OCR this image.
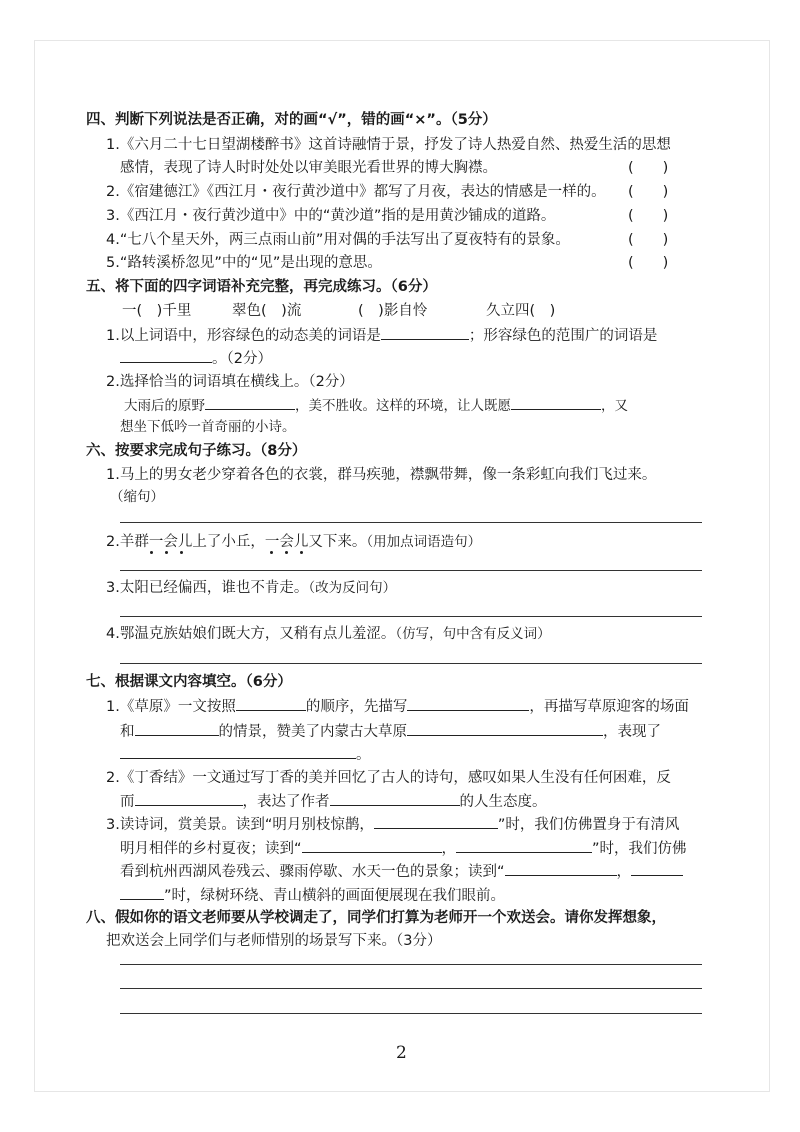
四、判断下列说法是否正确，对的画“√”，错的画“×”。（5分）
1.《六月二十七日望湖楼醉书》这首诗融情于景，抒发了诗人热爱自然、热爱生活的思想
感情，表现了诗人时时处处以审美眼光看世界的博大胸襟。	(　　)
2.《宿建德江》《西江月・夜行黄沙道中》都写了月夜，表达的情感是一样的。 (　　)
3.《西江月・夜行黄沙道中》中的“黄沙道”指的是用黄沙铺成的道路。	(　　)
4.“七八个星天外，两三点雨山前”用对偶的手法写出了夏夜特有的景象。	(　　)
5.“路转溪桥忽见”中的“见”是出现的意思。	(　　)
五、将下面的四字词语补充完整，再完成练习。（6分）
一(　)千里	翠色(　)流	(　)影自怜	久立四(　)
1.以上词语中，形容绿色的动态美的词语是	；形容绿色的范围广的词语是
。（2分）
2.选择恰当的词语填在横线上。（2分）
大雨后的原野	，美不胜收。这样的环境，让人既愿	，又
想坐下低吟一首奇丽的小诗。
六、按要求完成句子练习。（8分）
1.马上的男女老少穿着各色的衣裳，群马疾驰，襟飘带舞，像一条彩虹向我们飞过来。
（缩句）
2.羊群一会儿上了小丘，一会儿又下来。（用加点词语造句）
3.太阳已经偏西，谁也不肯走。（改为反问句）
4.鄂温克族姑娘们既大方，又稍有点儿羞涩。（仿写，句中含有反义词）
七、根据课文内容填空。（6分）
1.《草原》一文按照	的顺序，先描写	，再描写草原迎客的场面
和	的情景，赞美了内蒙古大草原	，表现了
。
2.《丁香结》一文通过写丁香的美并回忆了古人的诗句，感叹如果人生没有任何困难，反
而	，表达了作者	的人生态度。
3.读诗词，赏美景。读到“明月别枝惊鹊，	”时，我们仿佛置身于有清风
明月相伴的乡村夏夜；读到“	，	”时，我们仿佛
看到杭州西湖风卷残云、骤雨停歇、水天一色的景象；读到“	，
”时，绿树环绕、青山横斜的画面便展现在我们眼前。
八、假如你的语文老师要从学校调走了，同学们打算为老师开一个欢送会。请你发挥想象，
把欢送会上同学们与老师惜别的场景写下来。（3分）
2
